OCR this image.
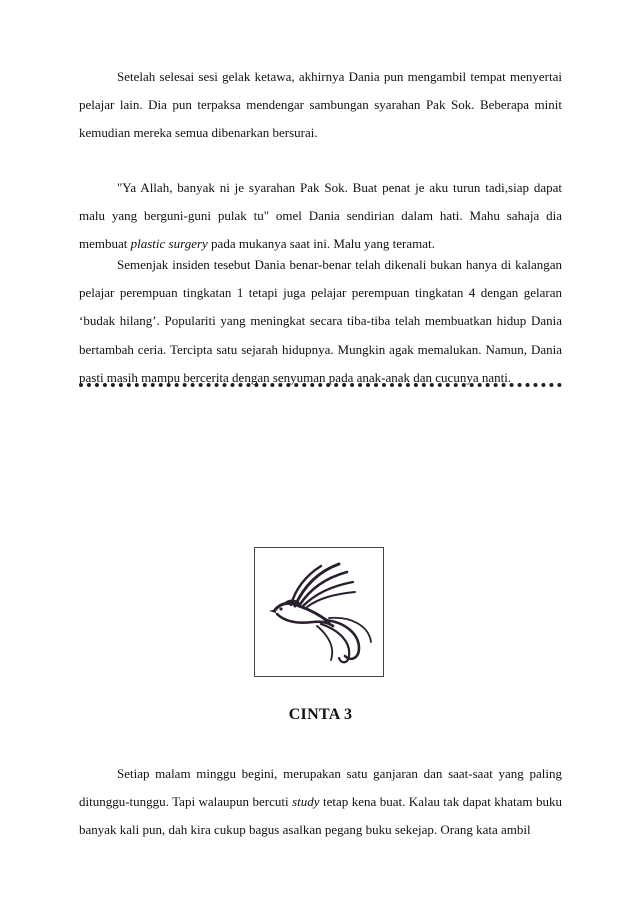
Setelah selesai sesi gelak ketawa, akhirnya Dania pun mengambil tempat menyertai pelajar lain. Dia pun terpaksa mendengar sambungan syarahan Pak Sok. Beberapa minit kemudian mereka semua dibenarkan bersurai.

"Ya Allah, banyak ni je syarahan Pak Sok. Buat penat je aku turun tadi,siap dapat malu yang berguni-guni pulak tu" omel Dania sendirian dalam hati. Mahu sahaja dia membuat plastic surgery pada mukanya saat ini. Malu yang teramat.

Semenjak insiden tesebut Dania benar-benar telah dikenali bukan hanya di kalangan pelajar perempuan tingkatan 1 tetapi juga pelajar perempuan tingkatan 4 dengan gelaran ‘budak hilang’. Populariti yang meningkat secara tiba-tiba telah membuatkan hidup Dania bertambah ceria. Tercipta satu sejarah hidupnya. Mungkin agak memalukan. Namun, Dania pasti masih mampu bercerita dengan senyuman pada anak-anak dan cucunya nanti.

CINTA 3

Setiap malam minggu begini, merupakan satu ganjaran dan saat-saat yang paling ditunggu-tunggu. Tapi walaupun bercuti study tetap kena buat. Kalau tak dapat khatam buku banyak kali pun, dah kira cukup bagus asalkan pegang buku sekejap. Orang kata ambil
